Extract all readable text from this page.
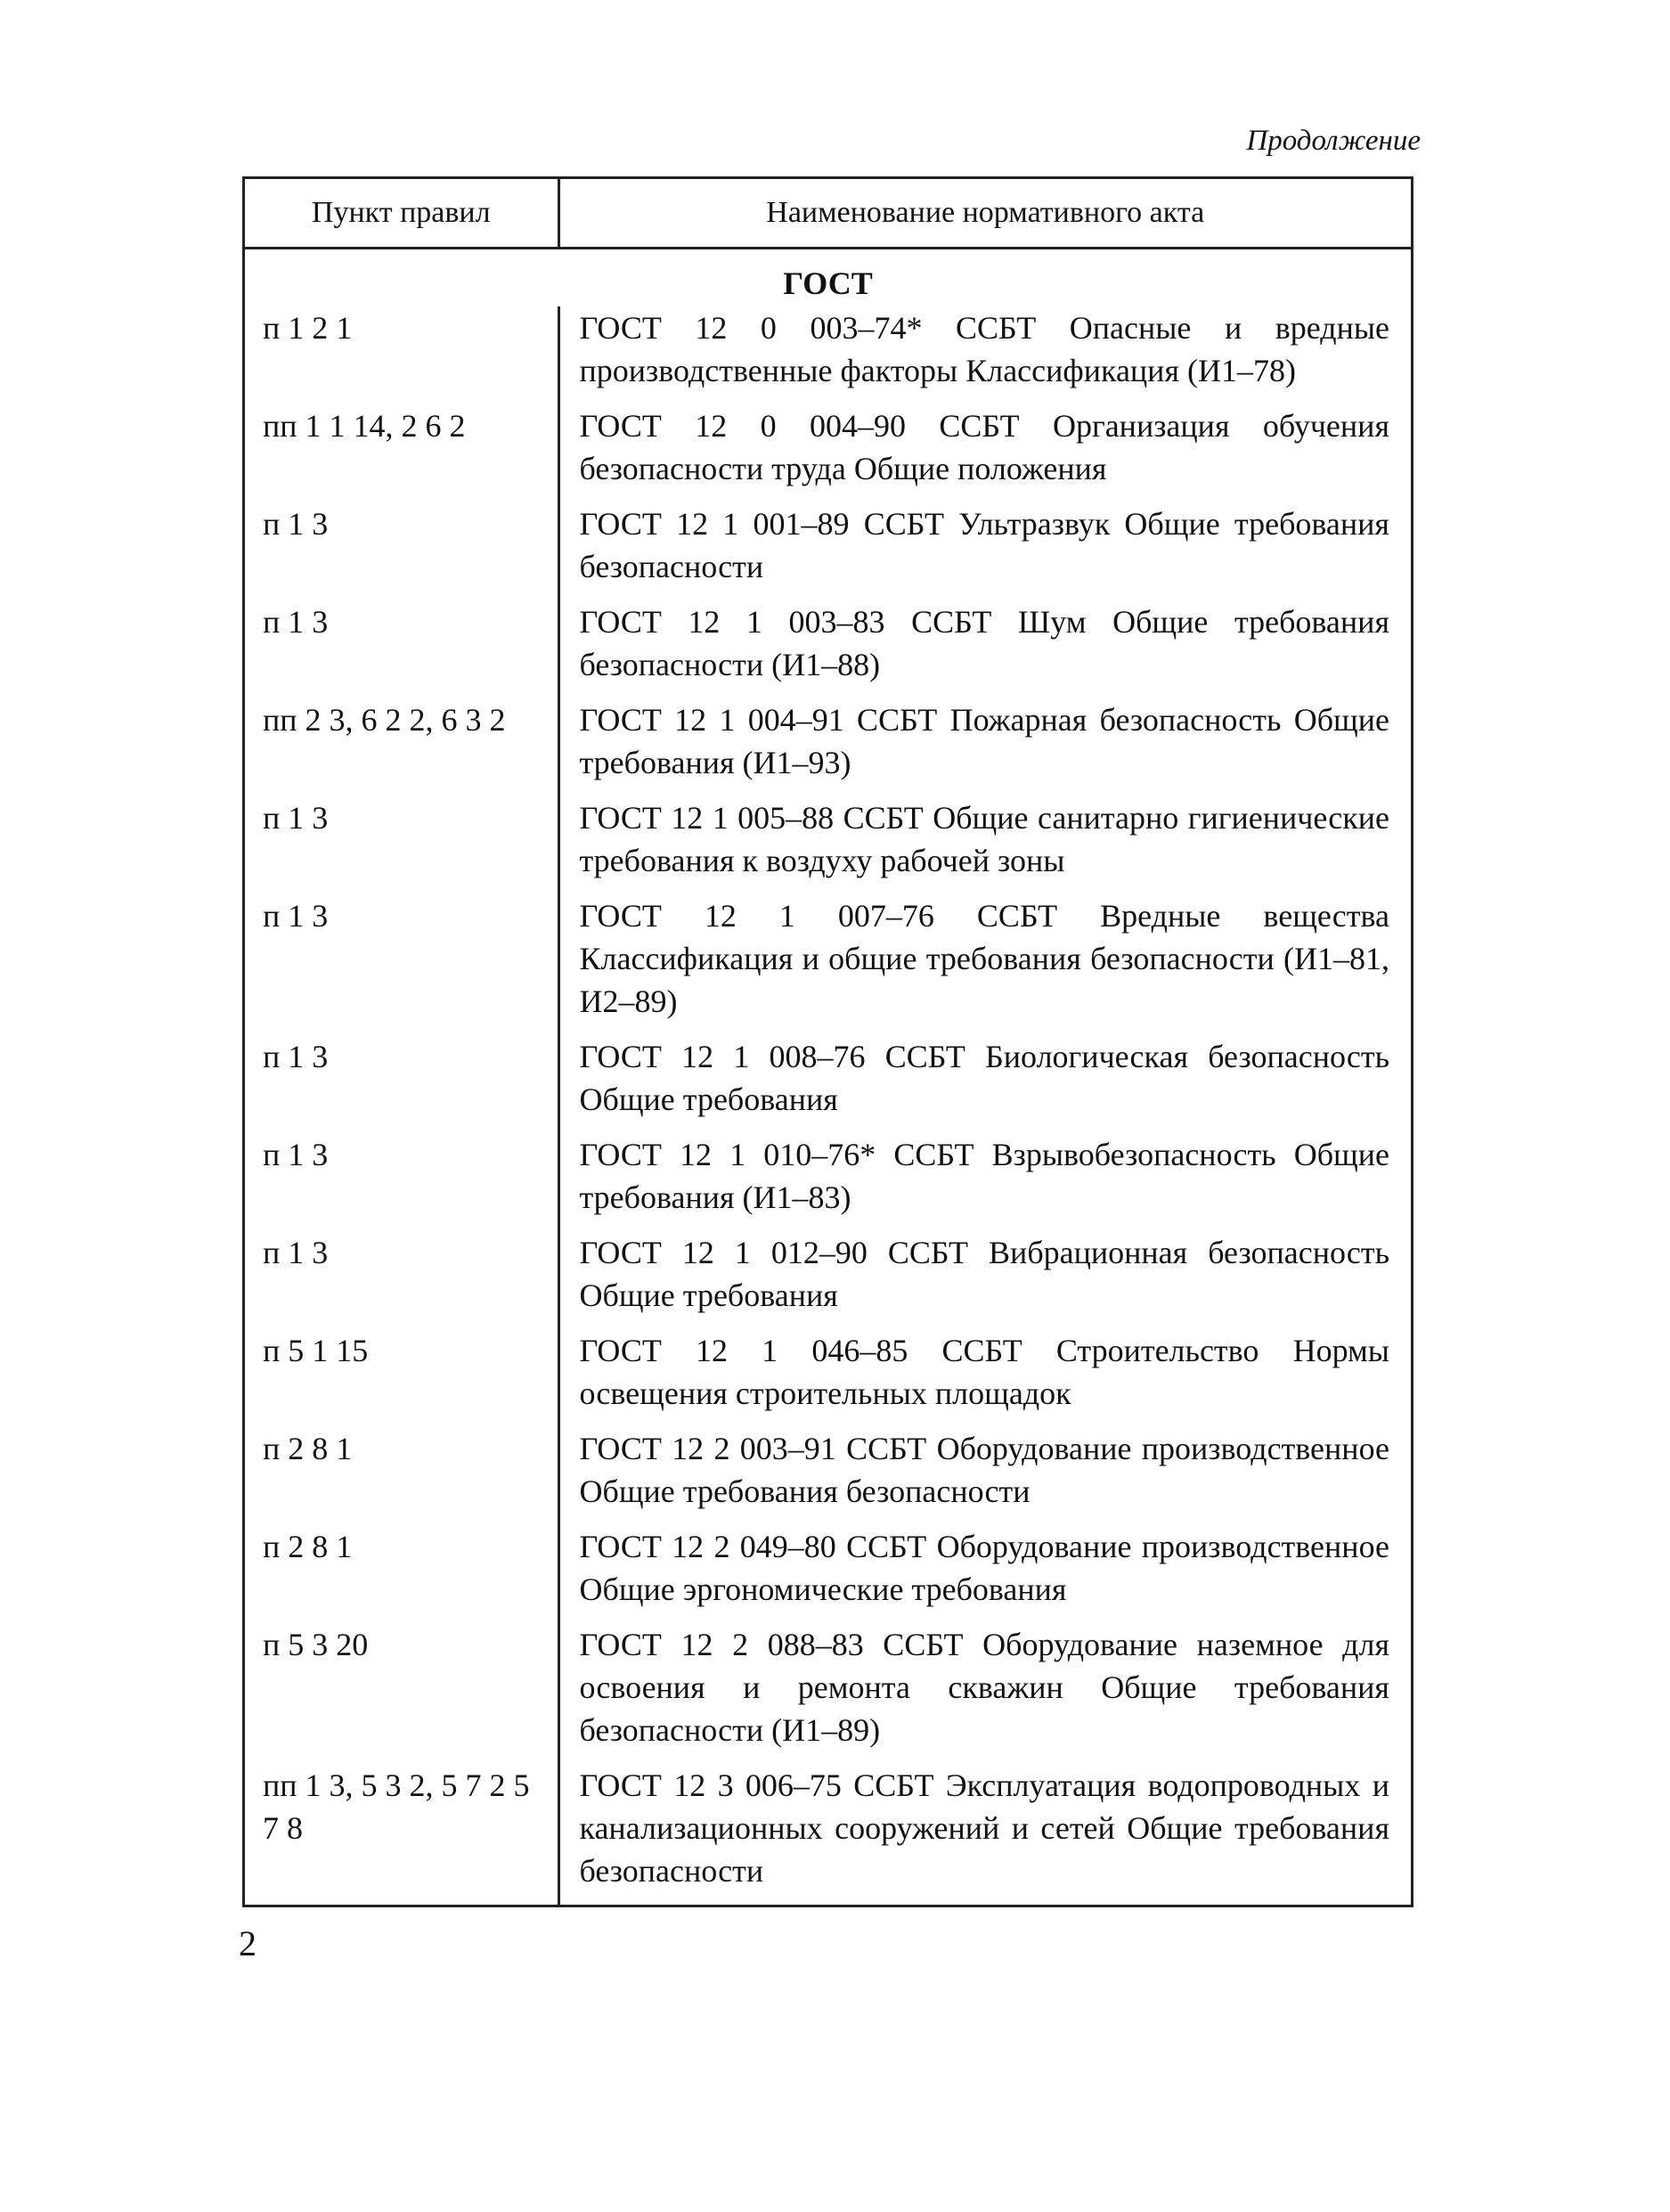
Продолжение
Пункт правил	Наименование нормативного акта
ГОСТ	
п 1 2 1	ГОСТ 12 0 003–74* ССБТ Опасные и вредные производственные факторы Классификация (И1–78)
пп 1 1 14, 2 6 2	ГОСТ 12 0 004–90 ССБТ Организация обучения безопасности труда Общие положения
п 1 3	ГОСТ 12 1 001–89 ССБТ Ультразвук Общие требования безопасности
п 1 3	ГОСТ 12 1 003–83 ССБТ Шум Общие требования безопасности (И1–88)
пп 2 3, 6 2 2, 6 3 2	ГОСТ 12 1 004–91 ССБТ Пожарная безопасность Общие требования (И1–93)
п 1 3	ГОСТ 12 1 005–88 ССБТ Общие санитарно гигиенические требования к воздуху рабочей зоны
п 1 3	ГОСТ 12 1 007–76 ССБТ Вредные вещества Классификация и общие требования безопасности (И1–81, И2–89)
п 1 3	ГОСТ 12 1 008–76 ССБТ Биологическая безопасность Общие требования
п 1 3	ГОСТ 12 1 010–76* ССБТ Взрывобезопасность Общие требования (И1–83)
п 1 3	ГОСТ 12 1 012–90 ССБТ Вибрационная безопасность Общие требования
п 5 1 15	ГОСТ 12 1 046–85 ССБТ Строительство Нормы освещения строительных площадок
п 2 8 1	ГОСТ 12 2 003–91 ССБТ Оборудование производственное Общие требования безопасности
п 2 8 1	ГОСТ 12 2 049–80 ССБТ Оборудование производственное Общие эргономические требования
п 5 3 20	ГОСТ 12 2 088–83 ССБТ Оборудование наземное для освоения и ремонта скважин Общие требования безопасности (И1–89)
пп 1 3, 5 3 2, 5 7 2 5 7 8	ГОСТ 12 3 006–75 ССБТ Эксплуатация водопроводных и канализационных сооружений и сетей Общие требования безопасности
2
